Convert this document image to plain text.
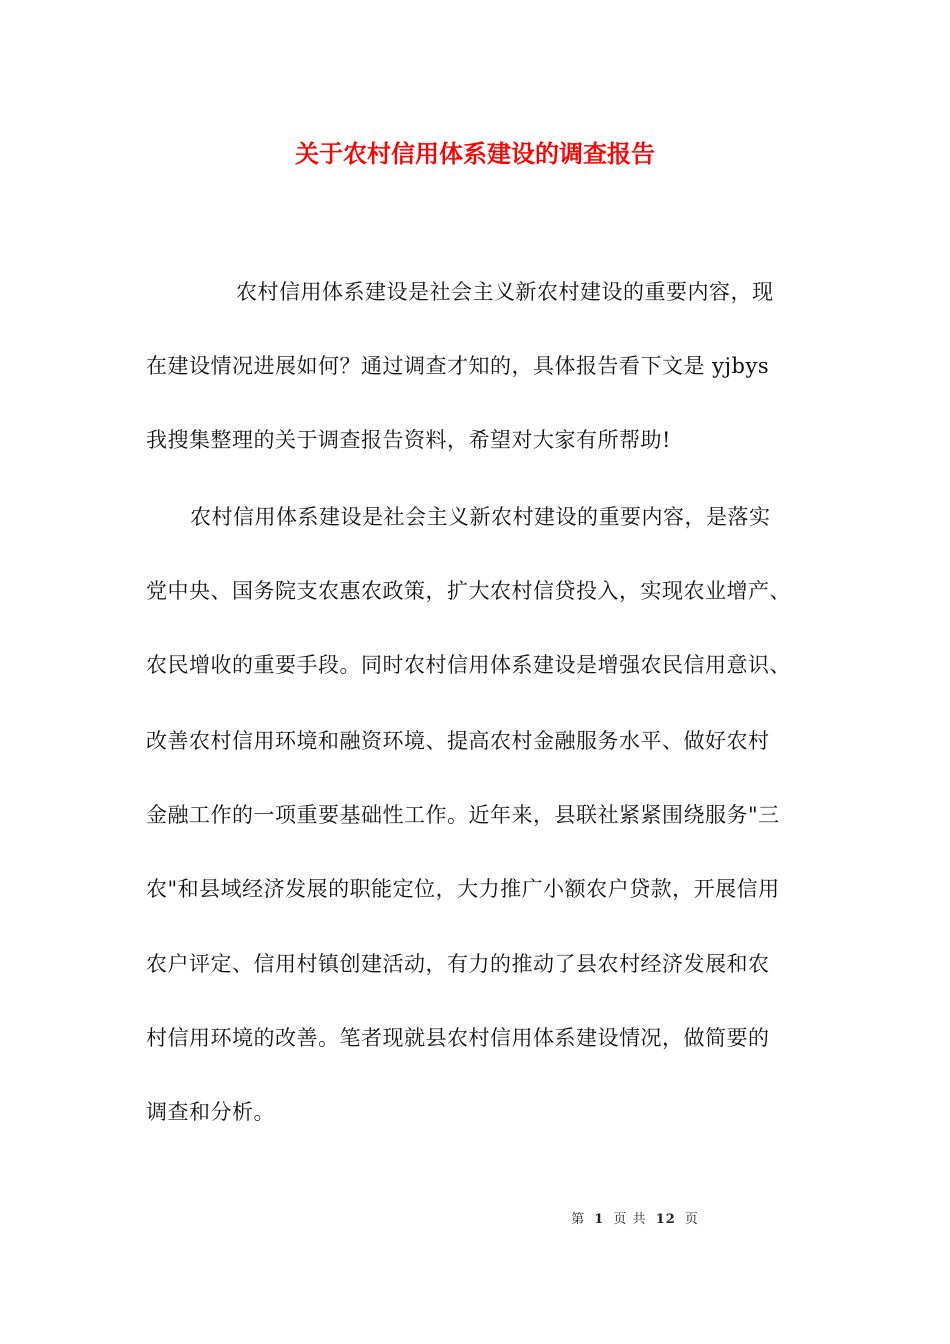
关于农村信用体系建设的调查报告
农村信用体系建设是社会主义新农村建设的重要内容，现
在建设情况进展如何？通过调查才知的，具体报告看下文是 yjbys
我搜集整理的关于调查报告资料，希望对大家有所帮助!
农村信用体系建设是社会主义新农村建设的重要内容，是落实
党中央、国务院支农惠农政策，扩大农村信贷投入，实现农业增产、
农民增收的重要手段。同时农村信用体系建设是增强农民信用意识、
改善农村信用环境和融资环境、提高农村金融服务水平、做好农村
金融工作的一项重要基础性工作。近年来，县联社紧紧围绕服务"三
农"和县域经济发展的职能定位，大力推广小额农户贷款，开展信用
农户评定、信用村镇创建活动，有力的推动了县农村经济发展和农
村信用环境的改善。笔者现就县农村信用体系建设情况，做简要的
调查和分析。
第 1 页 共 12 页
